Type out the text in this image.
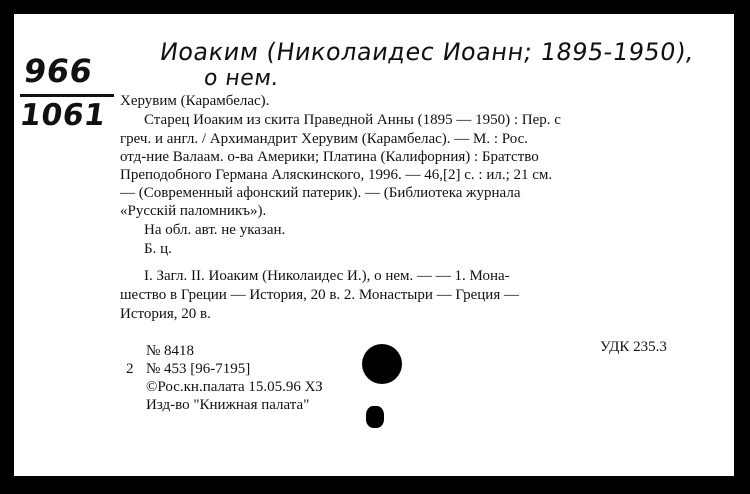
966
1061
Иоаким (Николаидес Иоанн; 1895-1950),
о нем.
Херувим (Карамбелас).
Старец Иоаким из скита Праведной Анны (1895 — 1950) : Пер. с
греч. и англ. / Архимандрит Херувим (Карамбелас). — М. : Рос.
отд-ние Валаам. о-ва Америки; Платина (Калифорния) : Братство
Преподобного Германа Аляскинского, 1996. — 46,[2] с. : ил.; 21 см.
— (Современный афонский патерик). — (Библиотека журнала
«Русскій паломникъ»).
На обл. авт. не указан.
Б. ц.
I. Загл. II. Иоаким (Николаидес И.), о нем. — — 1. Мона-
шество в Греции — История, 20 в. 2. Монастыри — Греция —
История, 20 в.
№ 8418	УДК 235.3
2 № 453 [96-7195]
©Рос.кн.палата 15.05.96 ХЗ
Изд-во "Книжная палата"
